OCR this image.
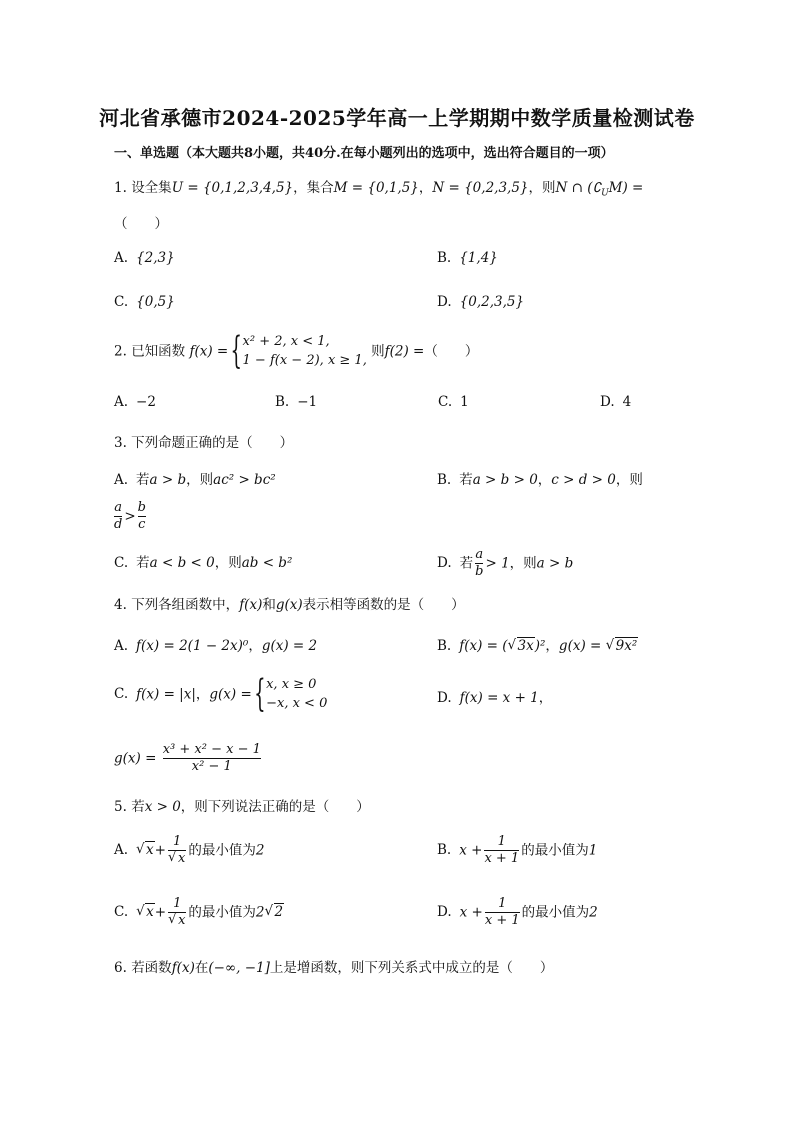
河北省承德市2024-2025学年高一上学期期中数学质量检测试卷
一、单选题（本大题共8小题，共40分.在每小题列出的选项中，选出符合题目的一项）
1. 设全集U = {0,1,2,3,4,5}，集合M = {0,1,5}，N = {0,2,3,5}，则N ∩ $(∁_UM)$ =
（　　）
A. {2,3}	B. {1,4}
C. {0,5}	D. {0,2,3,5}
2. 已知函数 f(x) =
{ x² + 2, x < 1,
1 − f(x − 2), x ≥ 1,
则f(2) =（　　）
A. −2	B. −1	C. 1	D. 4
3. 下列命题正确的是（　　）
A. 若a > b，则ac² > bc²	B. 若a > b > 0，c > d > 0，则
$\frac{a}{d} > \frac{b}{c}$
C. 若a < b < 0，则ab < b²	D. 若 $\frac{a}{b} > 1$，则a > b
4. 下列各组函数中，f(x)和g(x)表示相等函数的是（　　）
A. f(x) = 2(1 − 2x)⁰，g(x) = 2	B. f(x) = ( √ 3x)²，g(x) = √ 9x²
C. f(x) = |x|，g(x) =
{ x, x ≥ 0
−x, x < 0	D. f(x) = x + 1，
$g(x) = \frac{\text{x³ + x² − x − 1}}{\text{x² − 1}}$
5. 若x > 0，则下列说法正确的是（　　）
A. √ x+ 1
√ x 的最小值为2	B. $x + \frac{1}{x + 1}$ 的最小值为1
C. √ x+ 1
√ x 的最小值为2 √ 2	D. $x + \frac{1}{x + 1}$ 的最小值为2
6. 若函数f(x)在(−∞, −1]上是增函数，则下列关系式中成立的是（　　）
